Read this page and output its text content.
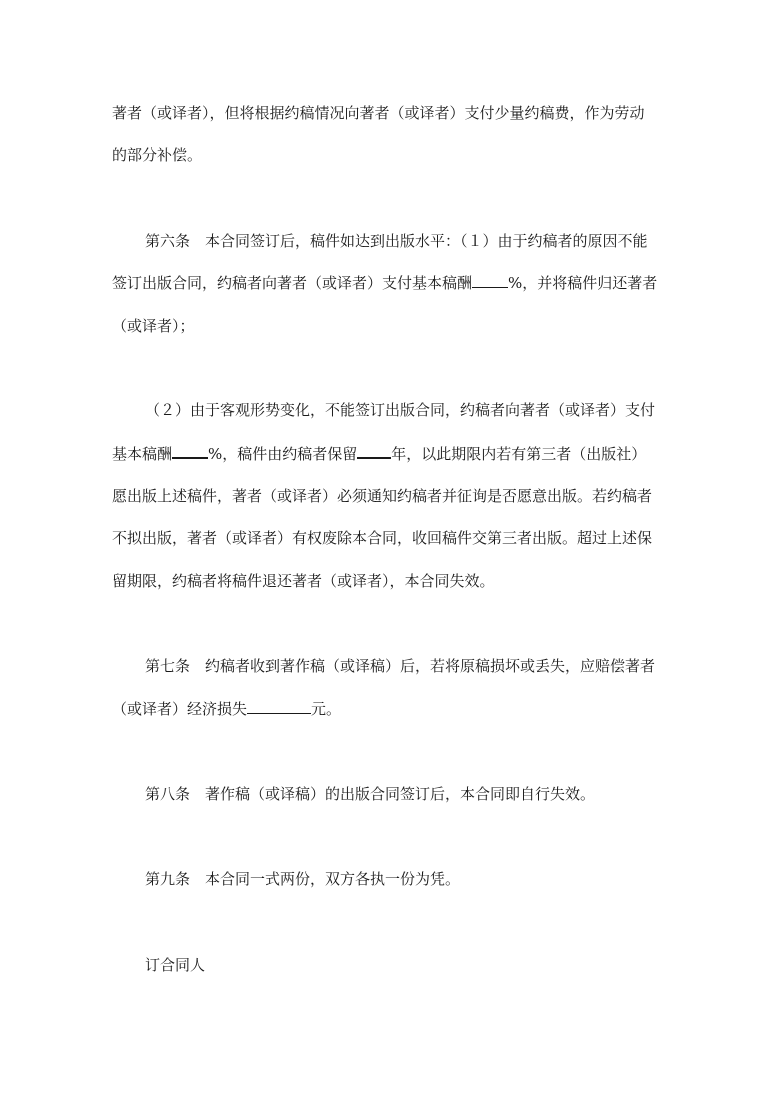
著者（或译者），但将根据约稿情况向著者（或译者）支付少量约稿费，作为劳动
的部分补偿。
第六条　本合同签订后，稿件如达到出版水平：（１）由于约稿者的原因不能
签订出版合同，约稿者向著者（或译者）支付基本稿酬 %，并将稿件归还著者
（或译者）；
（２）由于客观形势变化，不能签订出版合同，约稿者向著者（或译者）支付
基本稿酬 %，稿件由约稿者保留 年，以此期限内若有第三者（出版社）
愿出版上述稿件，著者（或译者）必须通知约稿者并征询是否愿意出版。若约稿者
不拟出版，著者（或译者）有权废除本合同，收回稿件交第三者出版。超过上述保
留期限，约稿者将稿件退还著者（或译者），本合同失效。
第七条　约稿者收到著作稿（或译稿）后，若将原稿损坏或丢失，应赔偿著者
（或译者）经济损失	元。
第八条　著作稿（或译稿）的出版合同签订后，本合同即自行失效。
第九条　本合同一式两份，双方各执一份为凭。
订合同人
